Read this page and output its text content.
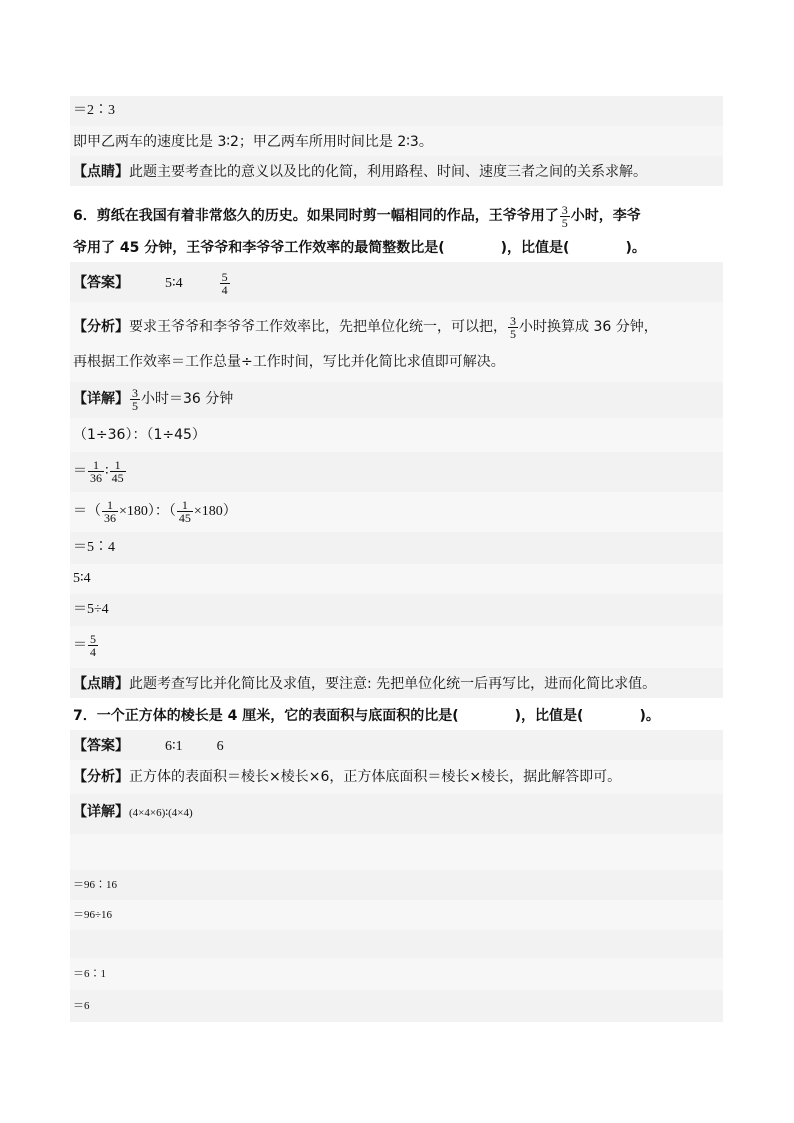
＝2∶3
即甲乙两车的速度比是 3∶2；甲乙两车所用时间比是 2∶3。
【点睛】此题主要考查比的意义以及比的化简，利用路程、时间、速度三者之间的关系求解。
6．剪纸在我国有着非常悠久的历史。如果同时剪一幅相同的作品，王爷爷用了 $\frac{3}{5}$ 小时，李爷
爷用了 45 分钟，王爷爷和李爷爷工作效率的最简整数比是(	)，比值是(	)。
【答案】	5∶4	$\frac{5}{4}$
【分析】要求王爷爷和李爷爷工作效率比，先把单位化统一，可以把， $\frac{3}{5}$ 小时换算成 36 分钟，
再根据工作效率＝工作总量÷工作时间，写比并化简比求值即可解决。
【详解】 $\frac{3}{5}$ 小时＝36 分钟
（1÷36）：（1÷45）
＝ $\frac{1}{36}$ ∶ $\frac{1}{45}$
＝（ $\frac{1}{36} \times 180$）：（ $\frac{1}{45} \times 180$）
＝5∶4
5∶4
＝5÷4
＝ $\frac{5}{4}$
【点睛】此题考查写比并化简比及求值，要注意: 先把单位化统一后再写比，进而化简比求值。
7．一个正方体的棱长是 4 厘米，它的表面积与底面积的比是(	)，比值是(	)。
【答案】	6∶1 6
【分析】正方体的表面积＝棱长×棱长×6，正方体底面积＝棱长×棱长，据此解答即可。
【详解】(4×4×6)∶(4×4)
＝96∶16
＝96÷16
＝6∶1
＝6
